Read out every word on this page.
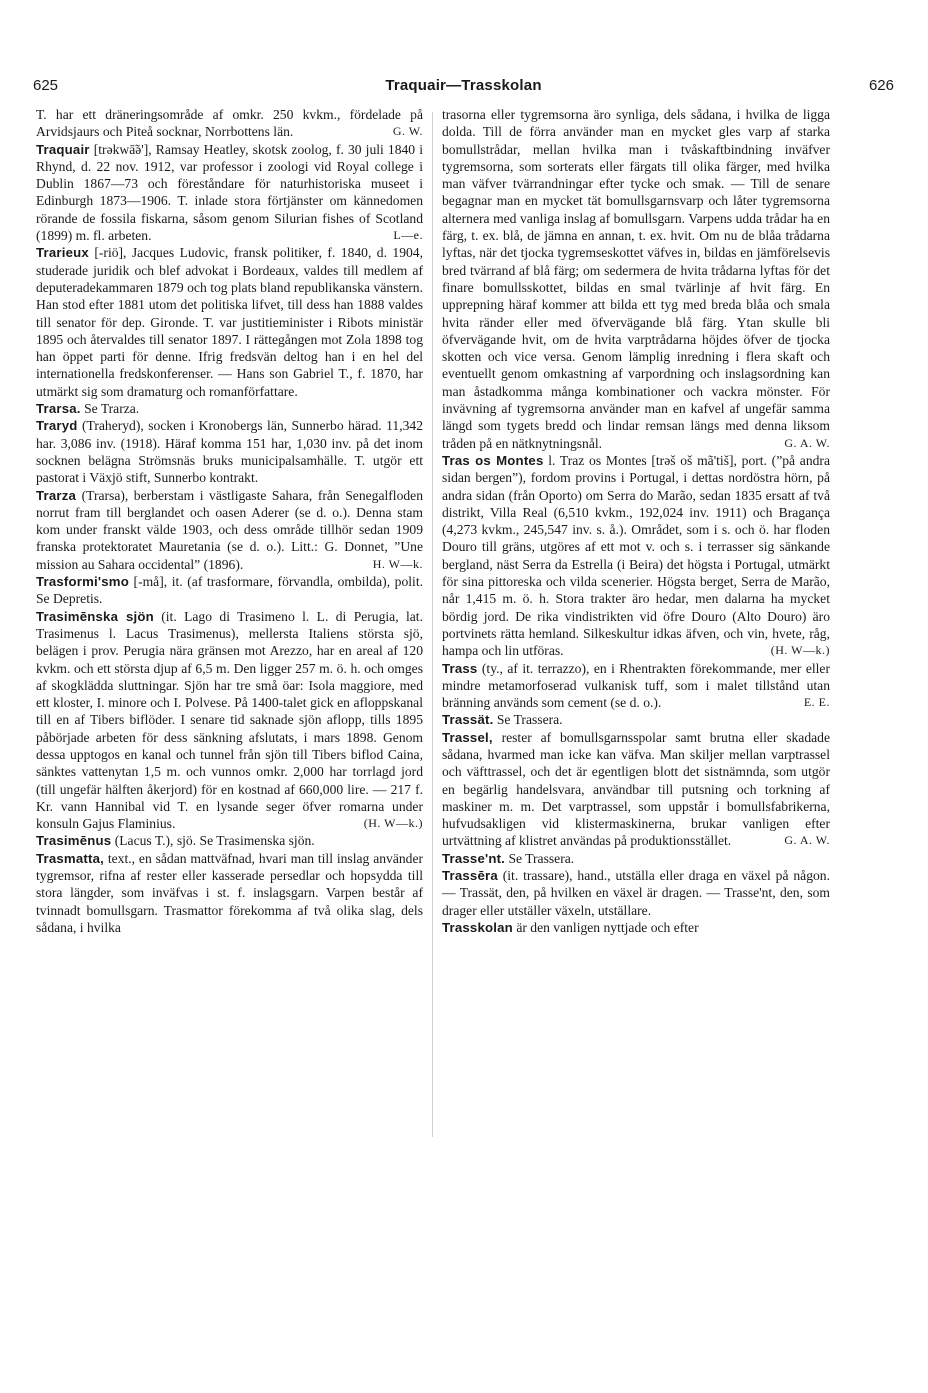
625	Traquair—Trasskolan	626

T. har ett dräneringsområde af omkr. 250 kvkm., fördelade på Arvidsjaurs och Piteå socknar, Norrbottens län.	G. W.

Traquair [trəkwā̃ə'], Ramsay Heatley, skotsk zoolog, f. 30 juli 1840 i Rhynd, d. 22 nov. 1912, var professor i zoologi vid Royal college i Dublin 1867—73 och föreståndare för naturhistoriska museet i Edinburgh 1873—1906. T. inlade stora förtjänster om kännedomen rörande de fossila fiskarna, såsom genom Silurian fishes of Scotland (1899) m. fl. arbeten.	L—e.

Trarieux [-riö], Jacques Ludovic, fransk politiker, f. 1840, d. 1904, studerade juridik och blef advokat i Bordeaux, valdes till medlem af deputeradekammaren 1879 och tog plats bland republikanska vänstern. Han stod efter 1881 utom det politiska lifvet, till dess han 1888 valdes till senator för dep. Gironde. T. var justitieminister i Ribots ministär 1895 och återvaldes till senator 1897. I rättegången mot Zola 1898 tog han öppet parti för denne. Ifrig fredsvän deltog han i en hel del internationella fredskonferenser. — Hans son Gabriel T., f. 1870, har utmärkt sig som dramaturg och romanförfattare.

Trarsa. Se Trarza.

Traryd (Traheryd), socken i Kronobergs län, Sunnerbo härad. 11,342 har. 3,086 inv. (1918). Häraf komma 151 har, 1,030 inv. på det inom socknen belägna Strömsnäs bruks municipalsamhälle. T. utgör ett pastorat i Växjö stift, Sunnerbo kontrakt.

Trarza (Trarsa), berberstam i västligaste Sahara, från Senegalfloden norrut fram till berglandet och oasen Aderer (se d. o.). Denna stam kom under franskt välde 1903, och dess område tillhör sedan 1909 franska protektoratet Mauretania (se d. o.). Litt.: G. Donnet, ”Une mission au Sahara occidental” (1896).	H. W—k.

Trasformi'smo [-må], it. (af trasformare, förvandla, ombilda), polit. Se Depretis.

Trasimēnska sjön (it. Lago di Trasimeno l. L. di Perugia, lat. Trasimenus l. Lacus Trasimenus), mellersta Italiens största sjö, belägen i prov. Perugia nära gränsen mot Arezzo, har en areal af 120 kvkm. och ett största djup af 6,5 m. Den ligger 257 m. ö. h. och omges af skogklädda sluttningar. Sjön har tre små öar: Isola maggiore, med ett kloster, I. minore och I. Polvese. På 1400-talet gick en afloppskanal till en af Tibers biflöder. I senare tid saknade sjön aflopp, tills 1895 påbörjade arbeten för dess sänkning afslutats, i mars 1898. Genom dessa upptogos en kanal och tunnel från sjön till Tibers biflod Caina, sänktes vattenytan 1,5 m. och vunnos omkr. 2,000 har torrlagd jord (till ungefär hälften åkerjord) för en kostnad af 660,000 lire. — 217 f. Kr. vann Hannibal vid T. en lysande seger öfver romarna under konsuln Gajus Flaminius.	(H. W—k.)

Trasimēnus (Lacus T.), sjö. Se Trasimenska sjön.

Trasmatta, text., en sådan mattväfnad, hvari man till inslag använder tygremsor, rifna af rester eller kasserade persedlar och hopsydda till stora längder, som inväfvas i st. f. inslagsgarn. Varpen består af tvinnadt bomullsgarn. Trasmattor förekomma af två olika slag, dels sådana, i hvilka

trasorna eller tygremsorna äro synliga, dels sådana, i hvilka de ligga dolda. Till de förra använder man en mycket gles varp af starka bomullstrådar, mellan hvilka man i tvåskaftbindning inväfver tygremsorna, som sorterats eller färgats till olika färger, med hvilka man väfver tvärrandningar efter tycke och smak. — Till de senare begagnar man en mycket tät bomullsgarnsvarp och låter tygremsorna alternera med vanliga inslag af bomullsgarn. Varpens udda trådar ha en färg, t. ex. blå, de jämna en annan, t. ex. hvit. Om nu de blåa trådarna lyftas, när det tjocka tygremseskottet väfves in, bildas en jämförelsevis bred tvärrand af blå färg; om sedermera de hvita trådarna lyftas för det finare bomullsskottet, bildas en smal tvärlinje af hvit färg. En upprepning häraf kommer att bilda ett tyg med breda blåa och smala hvita ränder eller med öfvervägande blå färg. Ytan skulle bli öfvervägande hvit, om de hvita varptrådarna höjdes öfver de tjocka skotten och vice versa. Genom lämplig inredning i flera skaft och eventuellt genom omkastning af varpordning och inslagsordning kan man åstadkomma många kombinationer och vackra mönster. För invävning af tygremsorna använder man en kafvel af ungefär samma längd som tygets bredd och lindar remsan längs med denna liksom tråden på en nätknytningsnål.	G. A. W.

Tras os Montes l. Traz os Montes [trəš oš mã'tiš], port. (”på andra sidan bergen”), fordom provins i Portugal, i dettas nordöstra hörn, på andra sidan (från Oporto) om Serra do Marão, sedan 1835 ersatt af två distrikt, Villa Real (6,510 kvkm., 192,024 inv. 1911) och Bragança (4,273 kvkm., 245,547 inv. s. å.). Området, som i s. och ö. har floden Douro till gräns, utgöres af ett mot v. och s. i terrasser sig sänkande bergland, näst Serra da Estrella (i Beira) det högsta i Portugal, utmärkt för sina pittoreska och vilda scenerier. Högsta berget, Serra de Marão, når 1,415 m. ö. h. Stora trakter äro hedar, men dalarna ha mycket bördig jord. De rika vindistrikten vid öfre Douro (Alto Douro) äro portvinets rätta hemland. Silkeskultur idkas äfven, och vin, hvete, råg, hampa och lin utföras.	(H. W—k.)

Trass (ty., af it. terrazzo), en i Rhentrakten förekommande, mer eller mindre metamorfoserad vulkanisk tuff, som i malet tillstånd utan bränning används som cement (se d. o.).	E. E.

Trassät. Se Trassera.

Trassel, rester af bomullsgarnsspolar samt brutna eller skadade sådana, hvarmed man icke kan väfva. Man skiljer mellan varptrassel och väfttrassel, och det är egentligen blott det sistnämnda, som utgör en begärlig handelsvara, användbar till putsning och torkning af maskiner m. m. Det varptrassel, som uppstår i bomullsfabrikerna, hufvudsakligen vid klistermaskinerna, brukar vanligen efter urtvättning af klistret användas på produktionsstället.	G. A. W.

Trasse'nt. Se Trassera.

Trassēra (it. trassare), hand., utställa eller draga en växel på någon. — Trassät, den, på hvilken en växel är dragen. — Trasse'nt, den, som drager eller utställer växeln, utställare.

Trasskolan är den vanligen nyttjade och efter
